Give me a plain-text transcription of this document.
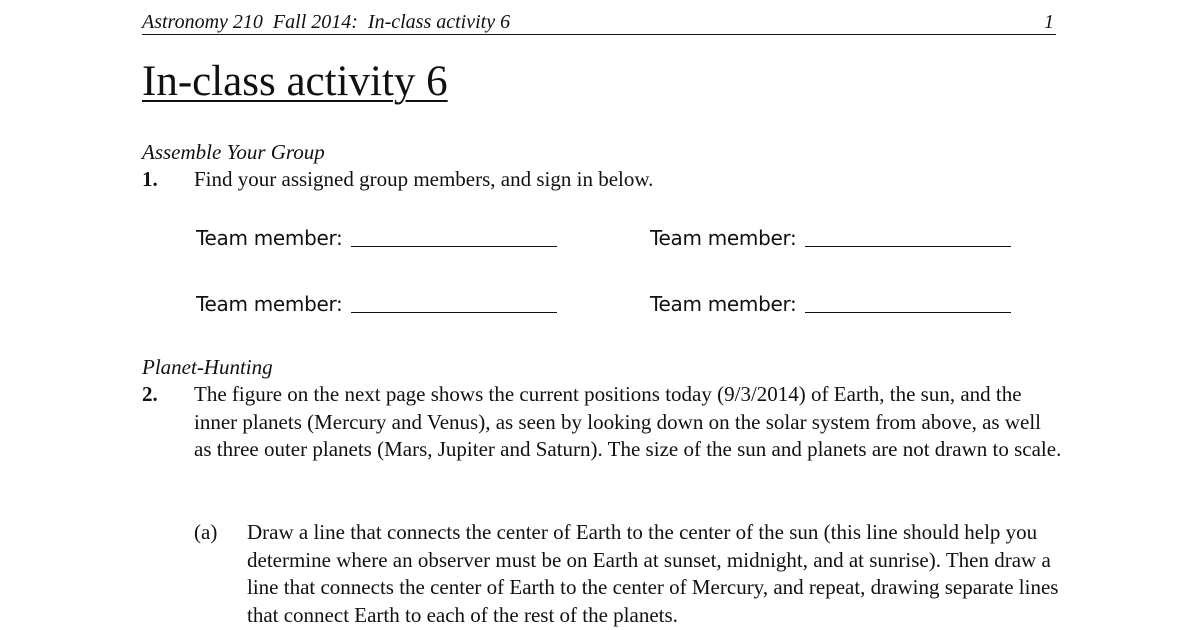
Astronomy 210  Fall 2014:  In-class activity 6	1
In-class activity 6
Assemble Your Group
1. Find your assigned group members, and sign in below.
Team member:	Team member:
Team member:	Team member:
Planet-Hunting
2. The figure on the next page shows the current positions today (9/3/2014) of Earth, the sun, and the inner planets (Mercury and Venus), as seen by looking down on the solar system from above, as well as three outer planets (Mars, Jupiter and Saturn). The size of the sun and planets are not drawn to scale.
(a) Draw a line that connects the center of Earth to the center of the sun (this line should help you determine where an observer must be on Earth at sunset, midnight, and at sunrise). Then draw a line that connects the center of Earth to the center of Mercury, and repeat, drawing separate lines that connect Earth to each of the rest of the planets.
